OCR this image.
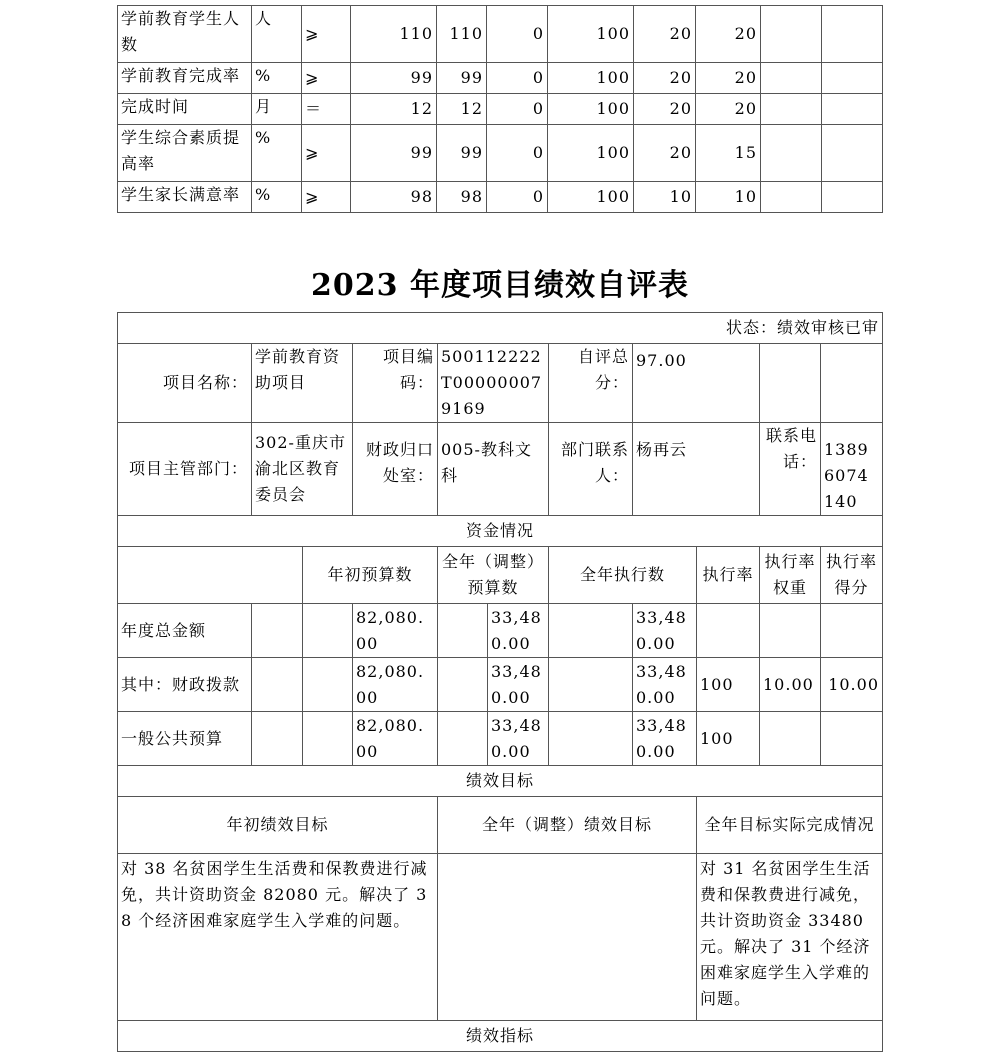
学前教育学生人数	人	⩾	110	110	0	100	20	20		
学前教育完成率	%	⩾	99	99	0	100	20	20		
完成时间	月	＝	12	12	0	100	20	20		
学生综合素质提高率	%	⩾	99	99	0	100	20	15		
学生家长满意率	%	⩾	98	98	0	100	10	10		
2023 年度项目绩效自评表
状态：绩效审核已审										
项目名称：	学前教育资助项目		项目编码：	500112222T000000079169		自评总分：	97.00			
项目主管部门：	302-重庆市渝北区教育委员会		财政归口处室：	005-教科文科		部门联系人：	杨再云		联系电话：	13896074140
资金情况										
		年初预算数		全年（调整）预算数		全年执行数		执行率	执行率权重	执行率得分
年度总金额			82,080.00		33,480.00		33,480.00			
其中：财政拨款			82,080.00		33,480.00		33,480.00	100	10.00	10.00
一般公共预算			82,080.00		33,480.00		33,480.00	100		
绩效目标										
年初绩效目标				全年（调整）绩效目标				全年目标实际完成情况		
对 38 名贫困学生生活费和保教费进行减免，共计资助资金 82080 元。解决了 38 个经济困难家庭学生入学难的问题。								对 31 名贫困学生生活费和保教费进行减免，共计资助资金 33480 元。解决了 31 个经济困难家庭学生入学难的问题。		
绩效指标										
